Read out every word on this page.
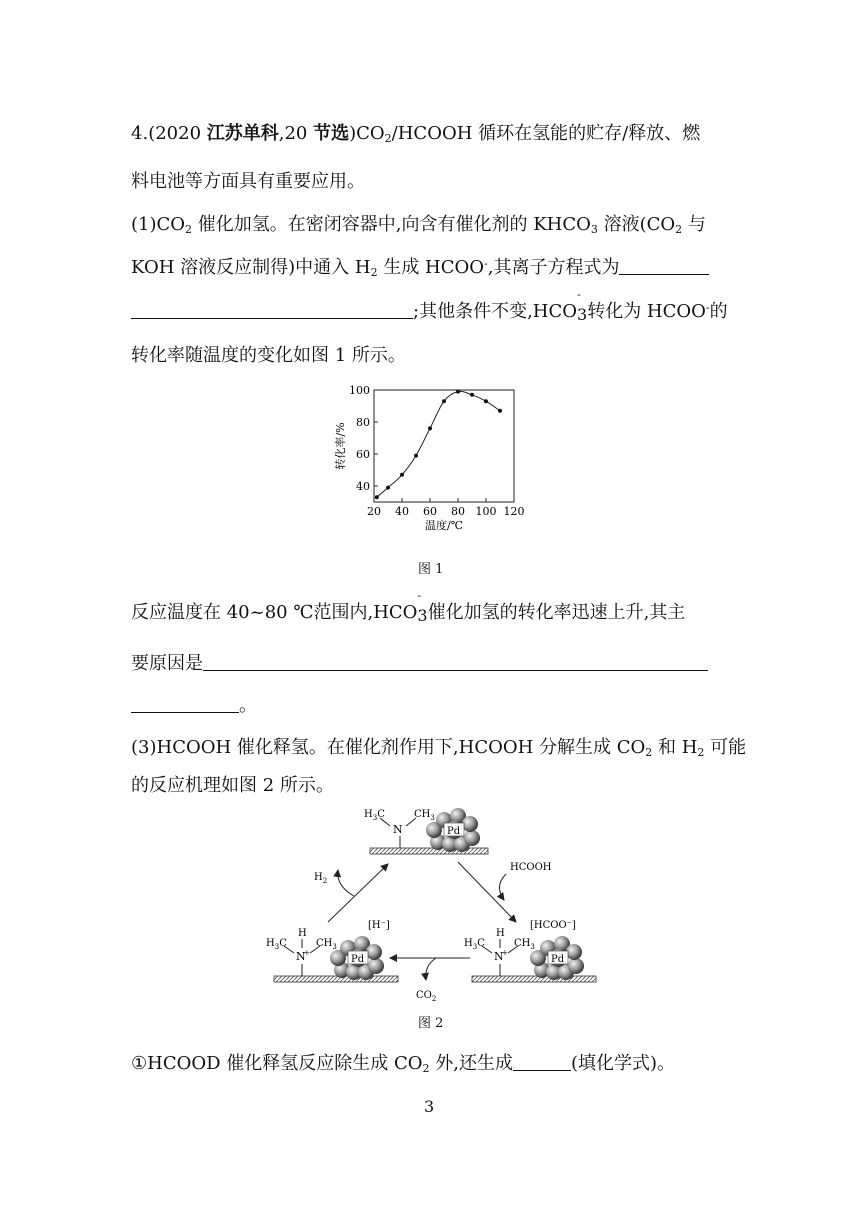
4.(2020 江苏单科,20 节选)$CO_2$/HCOOH 循环在氢能的贮存/释放、燃
料电池等方面具有重要应用。
$(1)CO_2$ 催化加氢。在密闭容器中,向含有催化剂的 $KHCO_3$ 溶液($CO_2$ 与
KOH 溶液反应制得)中通入 $H_2$ 生成 HCOO-,其离子方程式为
;其他条件不变$,HCO_3$
-
转化为 HCOO-的
转化率随温度的变化如图 1 所示。
20 40 60 80 100 120
40
60
80
100
温度/℃
转化率/%
图 1
反应温度在 40~80 ℃范围内$,HCO_3$
-
催化加氢的转化率迅速上升,其主
要原因是
。
(3)HCOOH 催化释氢。在催化剂作用下,HCOOH 分解生成 $CO_2$ 和 $H_2$ 可能
的反应机理如图 2 所示。
N
$H_3C$	$CH_3$
Pd
N
+
H
$H_3C$	$CH_3$
[H⁻]
Pd	N
+
H
$H_3C$	$CH_3$
[HCOO⁻]
Pd
$H_2$
HCOOH
$CO_2$
图 2
①HCOOD 催化释氢反应除生成 $CO_2$ 外,还生成	(填化学式)。
3
